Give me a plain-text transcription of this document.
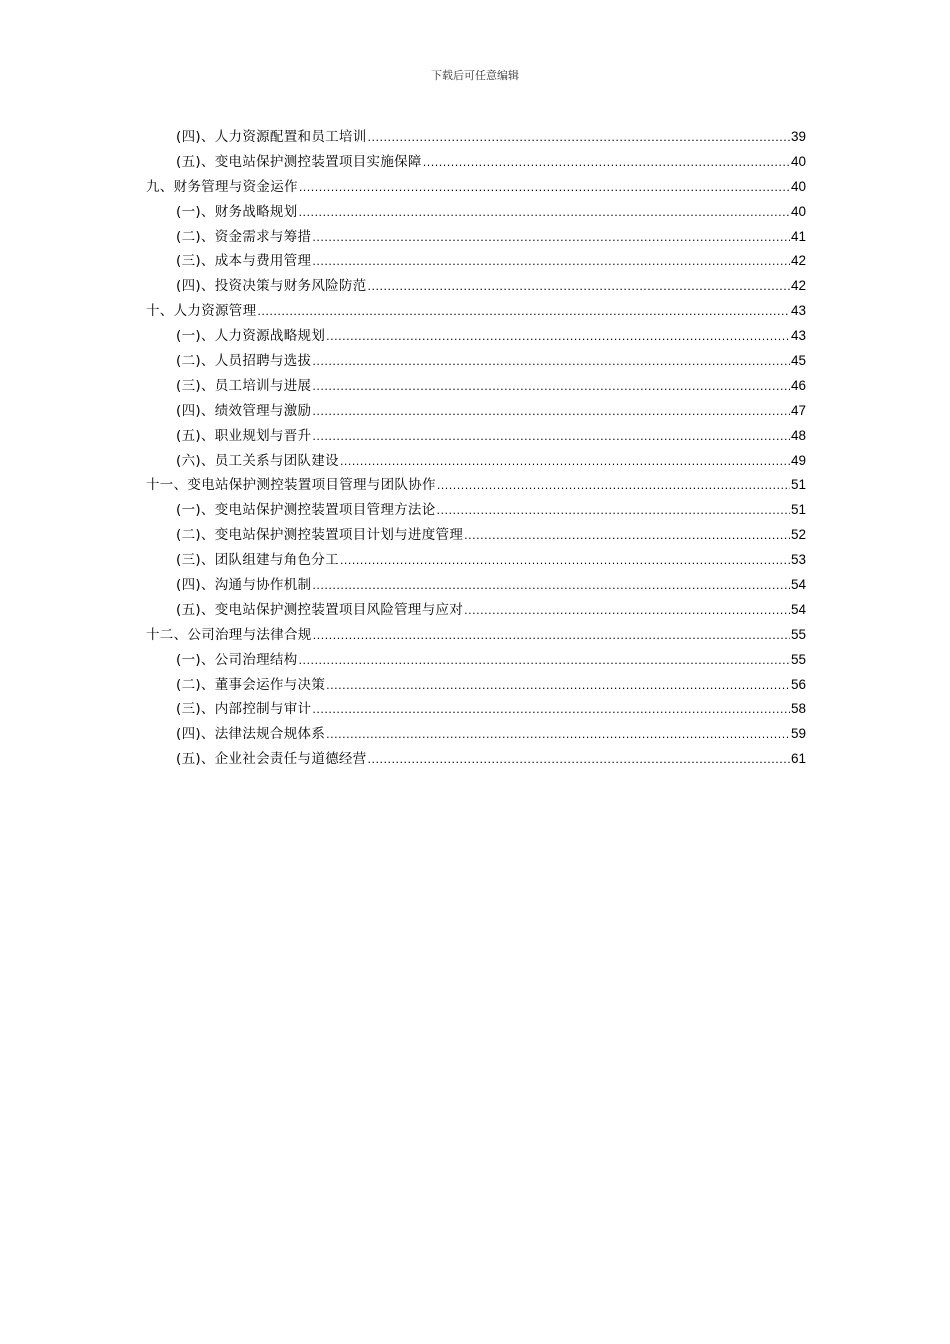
下载后可任意编辑
(四)、人力资源配置和员工培训 .....	39
(五)、变电站保护测控装置项目实施保障 .....	40
九、财务管理与资金运作 .....	40
(一)、财务战略规划 .....	40
(二)、资金需求与筹措 .....	41
(三)、成本与费用管理 .....	42
(四)、投资决策与财务风险防范 .....	42
十、人力资源管理 .....	43
(一)、人力资源战略规划 .....	43
(二)、人员招聘与选拔 .....	45
(三)、员工培训与进展 .....	46
(四)、绩效管理与激励 .....	47
(五)、职业规划与晋升 .....	48
(六)、员工关系与团队建设 .....	49
十一、变电站保护测控装置项目管理与团队协作 .....	51
(一)、变电站保护测控装置项目管理方法论 .....	51
(二)、变电站保护测控装置项目计划与进度管理 .....	52
(三)、团队组建与角色分工 .....	53
(四)、沟通与协作机制 .....	54
(五)、变电站保护测控装置项目风险管理与应对 .....	54
十二、公司治理与法律合规 .....	55
(一)、公司治理结构 .....	55
(二)、董事会运作与决策 .....	56
(三)、内部控制与审计 .....	58
(四)、法律法规合规体系 .....	59
(五)、企业社会责任与道德经营 .....	61
